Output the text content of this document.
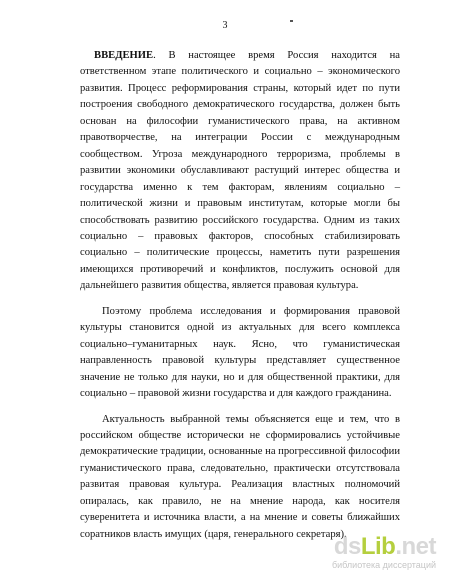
3

ВВЕДЕНИЕ. В настоящее время Россия находится на ответственном этапе политического и социально – экономического развития. Процесс реформирования страны, который идет по пути построения свободного демократического государства, должен быть основан на философии гуманистического права, на активном правотворчестве, на интеграции России с международным сообществом. Угроза международного терроризма, проблемы в развитии экономики обуславливают растущий интерес общества и государства именно к тем факторам, явлениям социально – политической жизни и правовым институтам, которые могли бы способствовать развитию российского государства. Одним из таких социально – правовых факторов, способных стабилизировать социально – политические процессы, наметить пути разрешения имеющихся противоречий и конфликтов, послужить основой для дальнейшего развития общества, является правовая культура.

Поэтому проблема исследования и формирования правовой культуры становится одной из актуальных для всего комплекса социально–гуманитарных наук. Ясно, что гуманистическая направленность правовой культуры представляет существенное значение не только для науки, но и для общественной практики, для социально – правовой жизни государства и для каждого гражданина.

Актуальность выбранной темы объясняется еще и тем, что в российском обществе исторически не сформировались устойчивые демократические традиции, основанные на прогрессивной философии гуманистического права, следовательно, практически отсутствовала развитая правовая культура. Реализация властных полномочий опиралась, как правило, не на мнение народа, как носителя суверенитета и источника власти, а на мнение и советы ближайших соратников власть имущих (царя, генерального секретаря).

dsLib.net
библиотека диссертаций
